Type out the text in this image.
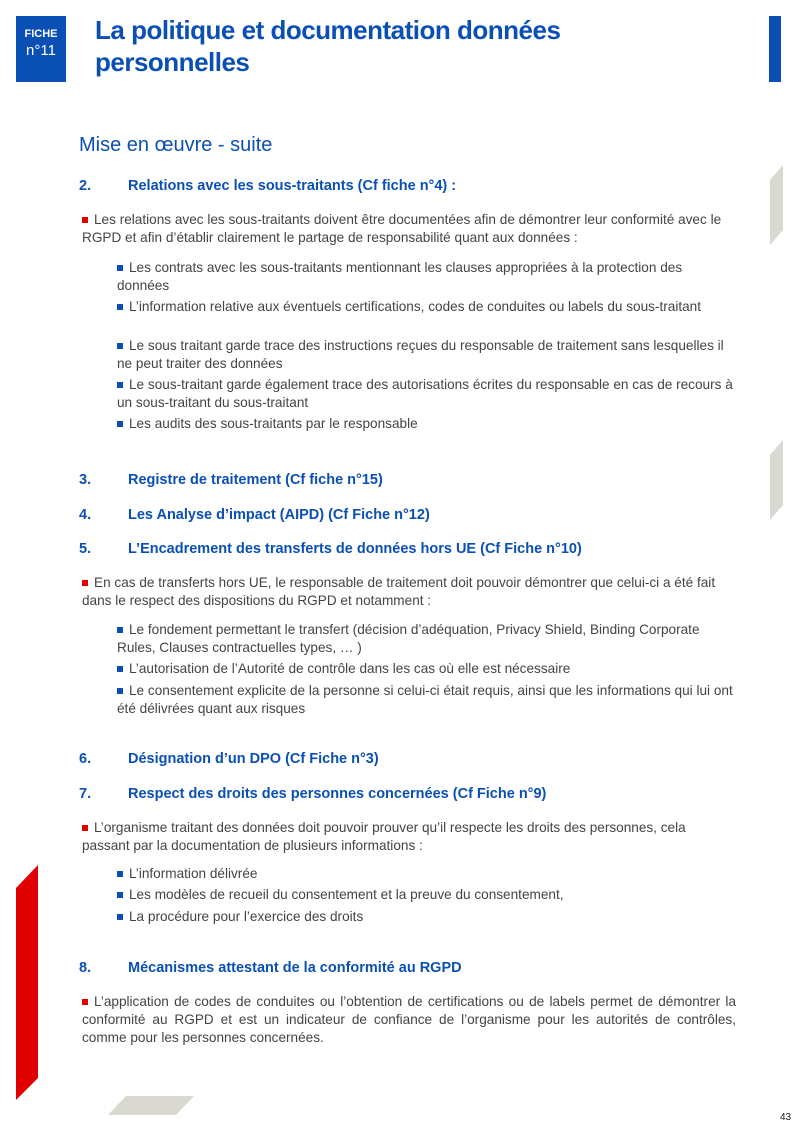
FICHE
n°11
La politique et documentation données personnelles
Mise en œuvre - suite
2.	Relations avec les sous-traitants (Cf fiche n°4) :
Les relations avec les sous-traitants doivent être documentées afin de démontrer leur conformité avec le RGPD et afin d’établir clairement le partage de responsabilité quant aux données :
Les contrats avec les sous-traitants mentionnant les clauses appropriées à la protection des données
L’information relative aux éventuels certifications, codes de conduites ou labels du sous-traitant
Le sous traitant garde trace des instructions reçues du responsable de traitement sans lesquelles il ne peut traiter des données
Le sous-traitant garde également trace des autorisations écrites du responsable en cas de recours à un sous-traitant du sous-traitant
Les audits des sous-traitants par le responsable
3.	Registre de traitement (Cf fiche n°15)
4.	Les Analyse d’impact (AIPD) (Cf Fiche n°12)
5.	L’Encadrement des transferts de données hors UE (Cf Fiche n°10)
En cas de transferts hors UE, le responsable de traitement doit pouvoir démontrer que celui-ci a été fait dans le respect des dispositions du RGPD et notamment :
Le fondement permettant le transfert (décision d’adéquation, Privacy Shield, Binding Corporate Rules, Clauses contractuelles types, … )
L’autorisation de l’Autorité de contrôle dans les cas où elle est nécessaire
Le consentement explicite de la personne si celui-ci était requis, ainsi que les informations qui lui ont été délivrées quant aux risques
6.	Désignation d’un DPO (Cf Fiche n°3)
7.	Respect des droits des personnes concernées (Cf Fiche n°9)
L’organisme traitant des données doit pouvoir prouver qu’il respecte les droits des personnes, cela passant par la documentation de plusieurs informations :
L’information délivrée
Les modèles de recueil du consentement et la preuve du consentement,
La procédure pour l’exercice des droits
8.	Mécanismes attestant de la conformité au RGPD
L’application de codes de conduites ou l’obtention de certifications ou de labels permet de démontrer la conformité au RGPD et est un indicateur de confiance de l’organisme pour les autorités de contrôles, comme pour les personnes concernées.
43
